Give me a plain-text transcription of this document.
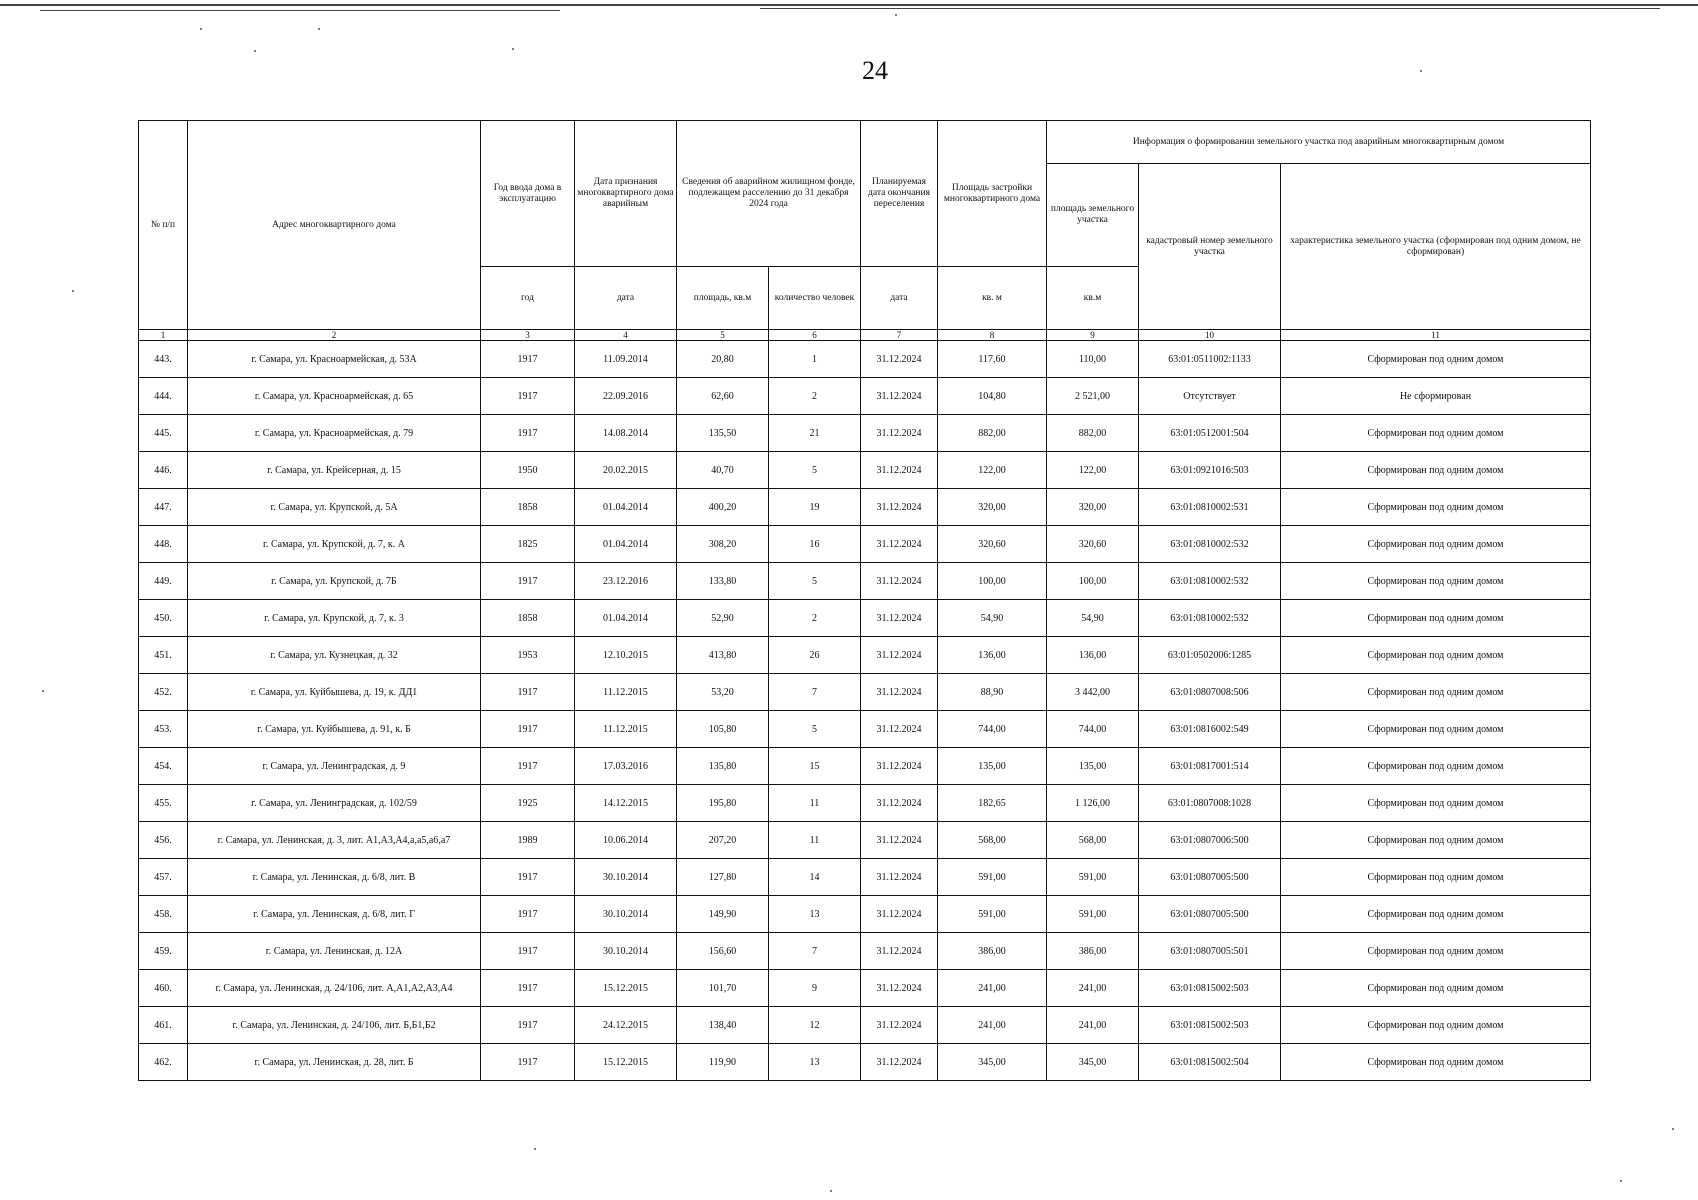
24
№ п/п	Адрес многоквартирного дома	Год ввода дома в эксплуатацию	Дата признания многоквартирного дома аварийным	Сведения об аварийном жилищном фонде, подлежащем расселению до 31 декабря 2024 года		Планируемая дата окончания переселения	Площадь застройки многоквартирного дома	Информация о формировании земельного участка под аварийным многоквартирным домом		
								площадь земельного участка	кадастровый номер земельного участка	характеристика земельного участка (сформирован под одним домом, не сформирован)
		год	дата	площадь, кв.м	количество человек	дата	кв. м	кв.м		
1	2	3	4	5	6	7	8	9	10	11
443.	г. Самара, ул. Красноармейская, д. 53А	1917	11.09.2014	20,80	1	31.12.2024	117,60	110,00	63:01:0511002:1133	Сформирован под одним домом
444.	г. Самара, ул. Красноармейская, д. 65	1917	22.09.2016	62,60	2	31.12.2024	104,80	2 521,00	Отсутствует	Не сформирован
445.	г. Самара, ул. Красноармейская, д. 79	1917	14.08.2014	135,50	21	31.12.2024	882,00	882,00	63:01:0512001:504	Сформирован под одним домом
446.	г. Самара, ул. Крейсерная, д. 15	1950	20.02.2015	40,70	5	31.12.2024	122,00	122,00	63:01:0921016:503	Сформирован под одним домом
447.	г. Самара, ул. Крупской, д. 5А	1858	01.04.2014	400,20	19	31.12.2024	320,00	320,00	63:01:0810002:531	Сформирован под одним домом
448.	г. Самара, ул. Крупской, д. 7, к. А	1825	01.04.2014	308,20	16	31.12.2024	320,60	320,60	63:01:0810002:532	Сформирован под одним домом
449.	г. Самара, ул. Крупской, д. 7Б	1917	23.12.2016	133,80	5	31.12.2024	100,00	100,00	63:01:0810002:532	Сформирован под одним домом
450.	г. Самара, ул. Крупской, д. 7, к. 3	1858	01.04.2014	52,90	2	31.12.2024	54,90	54,90	63:01:0810002:532	Сформирован под одним домом
451.	г. Самара, ул. Кузнецкая, д. 32	1953	12.10.2015	413,80	26	31.12.2024	136,00	136,00	63:01:0502006:1285	Сформирован под одним домом
452.	г. Самара, ул. Куйбышева, д. 19, к. ДД1	1917	11.12.2015	53,20	7	31.12.2024	88,90	3 442,00	63:01:0807008:506	Сформирован под одним домом
453.	г. Самара, ул. Куйбышева, д. 91, к. Б	1917	11.12.2015	105,80	5	31.12.2024	744,00	744,00	63:01:0816002:549	Сформирован под одним домом
454.	г. Самара, ул. Ленинградская, д. 9	1917	17.03.2016	135,80	15	31.12.2024	135,00	135,00	63:01:0817001:514	Сформирован под одним домом
455.	г. Самара, ул. Ленинградская, д. 102/59	1925	14.12.2015	195,80	11	31.12.2024	182,65	1 126,00	63:01:0807008:1028	Сформирован под одним домом
456.	г. Самара, ул. Ленинская, д. 3, лит. А1,А3,А4,а,а5,а6,а7	1989	10.06.2014	207,20	11	31.12.2024	568,00	568,00	63:01:0807006:500	Сформирован под одним домом
457.	г. Самара, ул. Ленинская, д. 6/8, лит. В	1917	30.10.2014	127,80	14	31.12.2024	591,00	591,00	63:01:0807005:500	Сформирован под одним домом
458.	г. Самара, ул. Ленинская, д. 6/8, лит. Г	1917	30.10.2014	149,90	13	31.12.2024	591,00	591,00	63:01:0807005:500	Сформирован под одним домом
459.	г. Самара, ул. Ленинская, д. 12А	1917	30.10.2014	156,60	7	31.12.2024	386,00	386,00	63:01:0807005:501	Сформирован под одним домом
460.	г. Самара, ул. Ленинская, д. 24/106, лит. А,А1,А2,А3,А4	1917	15.12.2015	101,70	9	31.12.2024	241,00	241,00	63:01:0815002:503	Сформирован под одним домом
461.	г. Самара, ул. Ленинская, д. 24/106, лит. Б,Б1,Б2	1917	24.12.2015	138,40	12	31.12.2024	241,00	241,00	63:01:0815002:503	Сформирован под одним домом
462.	г. Самара, ул. Ленинская, д. 28, лит. Б	1917	15.12.2015	119,90	13	31.12.2024	345,00	345,00	63:01:0815002:504	Сформирован под одним домом
